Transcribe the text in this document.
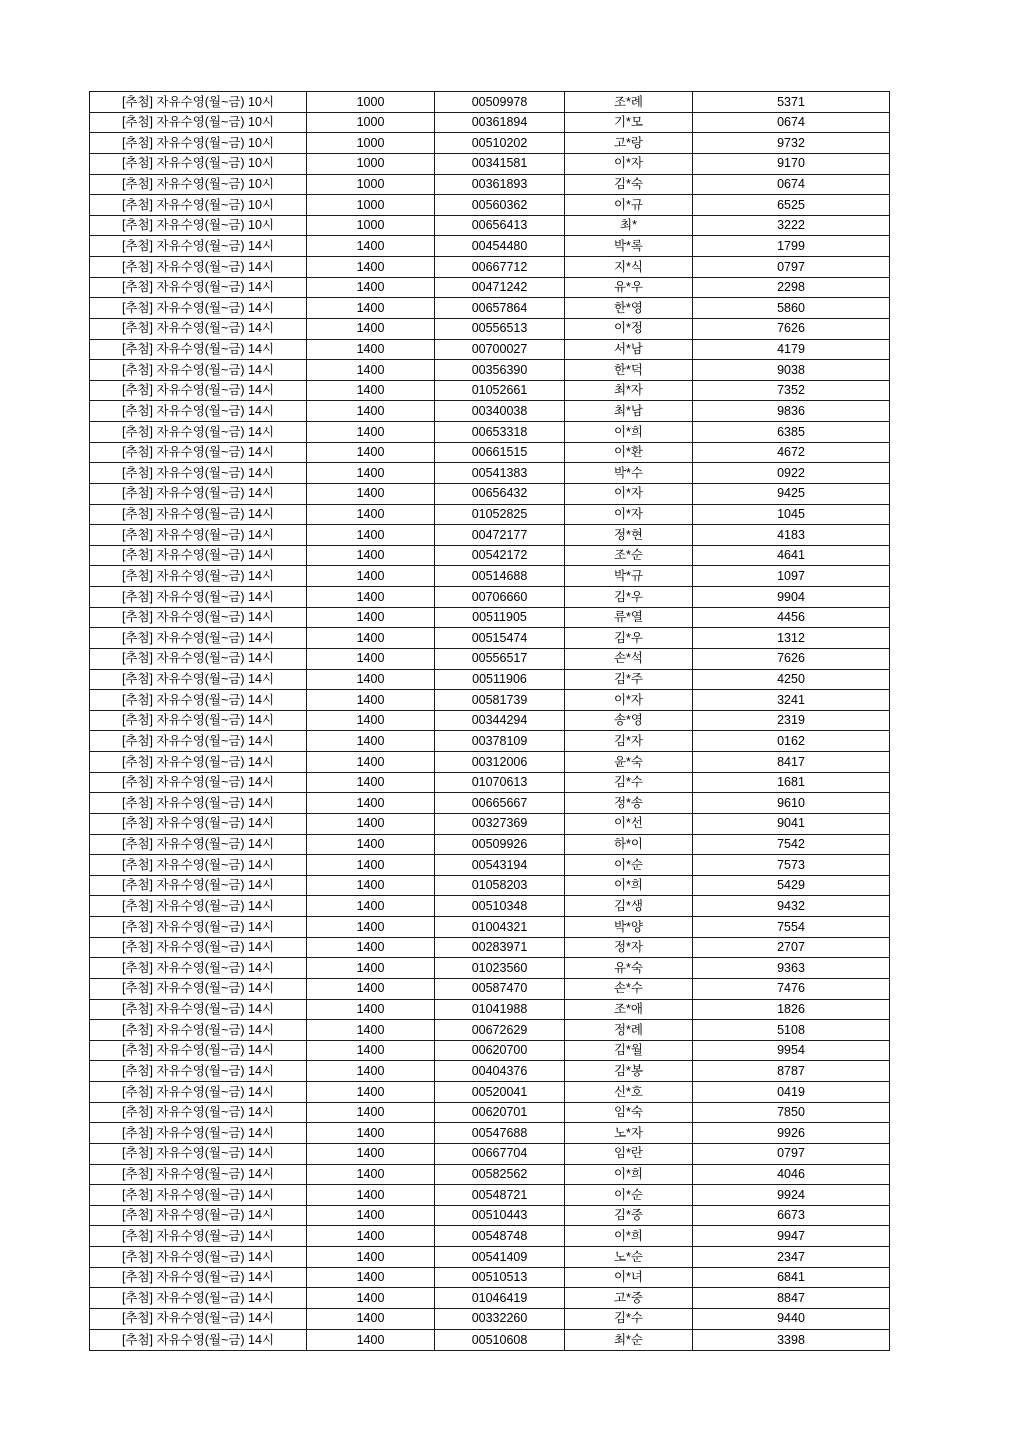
[추첨] 자유수영(월~금) 10시	1000	00509978	조*례	5371
[추첨] 자유수영(월~금) 10시	1000	00361894	기*모	0674
[추첨] 자유수영(월~금) 10시	1000	00510202	고*랑	9732
[추첨] 자유수영(월~금) 10시	1000	00341581	이*자	9170
[추첨] 자유수영(월~금) 10시	1000	00361893	김*숙	0674
[추첨] 자유수영(월~금) 10시	1000	00560362	이*규	6525
[추첨] 자유수영(월~금) 10시	1000	00656413	최*	3222
[추첨] 자유수영(월~금) 14시	1400	00454480	박*록	1799
[추첨] 자유수영(월~금) 14시	1400	00667712	지*식	0797
[추첨] 자유수영(월~금) 14시	1400	00471242	유*우	2298
[추첨] 자유수영(월~금) 14시	1400	00657864	한*영	5860
[추첨] 자유수영(월~금) 14시	1400	00556513	이*정	7626
[추첨] 자유수영(월~금) 14시	1400	00700027	서*남	4179
[추첨] 자유수영(월~금) 14시	1400	00356390	한*덕	9038
[추첨] 자유수영(월~금) 14시	1400	01052661	최*자	7352
[추첨] 자유수영(월~금) 14시	1400	00340038	최*남	9836
[추첨] 자유수영(월~금) 14시	1400	00653318	이*희	6385
[추첨] 자유수영(월~금) 14시	1400	00661515	이*환	4672
[추첨] 자유수영(월~금) 14시	1400	00541383	박*수	0922
[추첨] 자유수영(월~금) 14시	1400	00656432	이*자	9425
[추첨] 자유수영(월~금) 14시	1400	01052825	이*자	1045
[추첨] 자유수영(월~금) 14시	1400	00472177	정*현	4183
[추첨] 자유수영(월~금) 14시	1400	00542172	조*순	4641
[추첨] 자유수영(월~금) 14시	1400	00514688	박*규	1097
[추첨] 자유수영(월~금) 14시	1400	00706660	김*우	9904
[추첨] 자유수영(월~금) 14시	1400	00511905	류*열	4456
[추첨] 자유수영(월~금) 14시	1400	00515474	김*우	1312
[추첨] 자유수영(월~금) 14시	1400	00556517	손*석	7626
[추첨] 자유수영(월~금) 14시	1400	00511906	김*주	4250
[추첨] 자유수영(월~금) 14시	1400	00581739	이*자	3241
[추첨] 자유수영(월~금) 14시	1400	00344294	송*영	2319
[추첨] 자유수영(월~금) 14시	1400	00378109	김*자	0162
[추첨] 자유수영(월~금) 14시	1400	00312006	윤*숙	8417
[추첨] 자유수영(월~금) 14시	1400	01070613	김*수	1681
[추첨] 자유수영(월~금) 14시	1400	00665667	정*송	9610
[추첨] 자유수영(월~금) 14시	1400	00327369	이*선	9041
[추첨] 자유수영(월~금) 14시	1400	00509926	하*이	7542
[추첨] 자유수영(월~금) 14시	1400	00543194	이*순	7573
[추첨] 자유수영(월~금) 14시	1400	01058203	이*희	5429
[추첨] 자유수영(월~금) 14시	1400	00510348	김*생	9432
[추첨] 자유수영(월~금) 14시	1400	01004321	박*양	7554
[추첨] 자유수영(월~금) 14시	1400	00283971	정*자	2707
[추첨] 자유수영(월~금) 14시	1400	01023560	유*숙	9363
[추첨] 자유수영(월~금) 14시	1400	00587470	손*수	7476
[추첨] 자유수영(월~금) 14시	1400	01041988	조*애	1826
[추첨] 자유수영(월~금) 14시	1400	00672629	정*례	5108
[추첨] 자유수영(월~금) 14시	1400	00620700	김*월	9954
[추첨] 자유수영(월~금) 14시	1400	00404376	김*봉	8787
[추첨] 자유수영(월~금) 14시	1400	00520041	신*호	0419
[추첨] 자유수영(월~금) 14시	1400	00620701	임*숙	7850
[추첨] 자유수영(월~금) 14시	1400	00547688	노*자	9926
[추첨] 자유수영(월~금) 14시	1400	00667704	임*란	0797
[추첨] 자유수영(월~금) 14시	1400	00582562	이*희	4046
[추첨] 자유수영(월~금) 14시	1400	00548721	이*순	9924
[추첨] 자유수영(월~금) 14시	1400	00510443	김*중	6673
[추첨] 자유수영(월~금) 14시	1400	00548748	이*희	9947
[추첨] 자유수영(월~금) 14시	1400	00541409	노*순	2347
[추첨] 자유수영(월~금) 14시	1400	00510513	이*녀	6841
[추첨] 자유수영(월~금) 14시	1400	01046419	고*중	8847
[추첨] 자유수영(월~금) 14시	1400	00332260	김*수	9440
[추첨] 자유수영(월~금) 14시	1400	00510608	최*순	3398
